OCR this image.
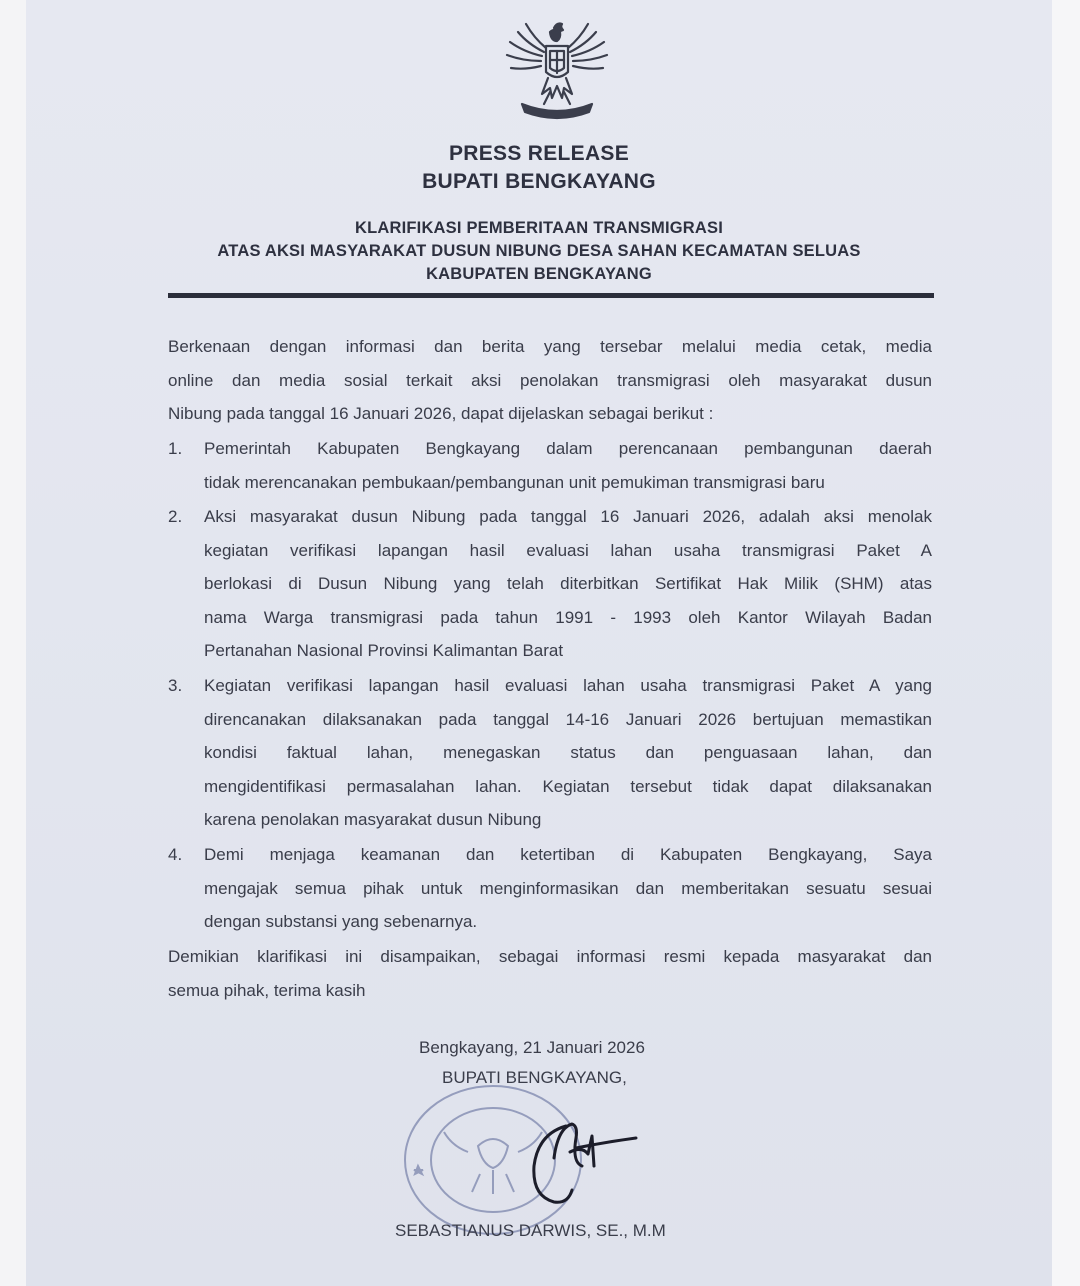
PRESS RELEASE
BUPATI BENGKAYANG
KLARIFIKASI PEMBERITAAN TRANSMIGRASI
ATAS AKSI MASYARAKAT DUSUN NIBUNG DESA SAHAN KECAMATAN SELUAS
KABUPATEN BENGKAYANG
Berkenaan dengan informasi dan berita yang tersebar melalui media cetak, media
online dan media sosial terkait aksi penolakan transmigrasi oleh masyarakat dusun
Nibung pada tanggal 16 Januari 2026, dapat dijelaskan sebagai berikut :
1.	Pemerintah Kabupaten Bengkayang dalam perencanaan pembangunan daerah
tidak merencanakan pembukaan/pembangunan unit pemukiman transmigrasi baru
2.	Aksi masyarakat dusun Nibung pada tanggal 16 Januari 2026, adalah aksi menolak
kegiatan verifikasi lapangan hasil evaluasi lahan usaha transmigrasi Paket A
berlokasi di Dusun Nibung yang telah diterbitkan Sertifikat Hak Milik (SHM) atas
nama Warga transmigrasi pada tahun 1991 - 1993 oleh Kantor Wilayah Badan
Pertanahan Nasional Provinsi Kalimantan Barat
3.	Kegiatan verifikasi lapangan hasil evaluasi lahan usaha transmigrasi Paket A yang
direncanakan dilaksanakan pada tanggal 14-16 Januari 2026 bertujuan memastikan
kondisi faktual lahan, menegaskan status dan penguasaan lahan, dan
mengidentifikasi permasalahan lahan. Kegiatan tersebut tidak dapat dilaksanakan
karena penolakan masyarakat dusun Nibung
4.	Demi menjaga keamanan dan ketertiban di Kabupaten Bengkayang, Saya
mengajak semua pihak untuk menginformasikan dan memberitakan sesuatu sesuai
dengan substansi yang sebenarnya.
Demikian klarifikasi ini disampaikan, sebagai informasi resmi kepada masyarakat dan
semua pihak, terima kasih
Bengkayang, 21 Januari 2026
BUPATI BENGKAYANG,
SEBASTIANUS DARWIS, SE., M.M
